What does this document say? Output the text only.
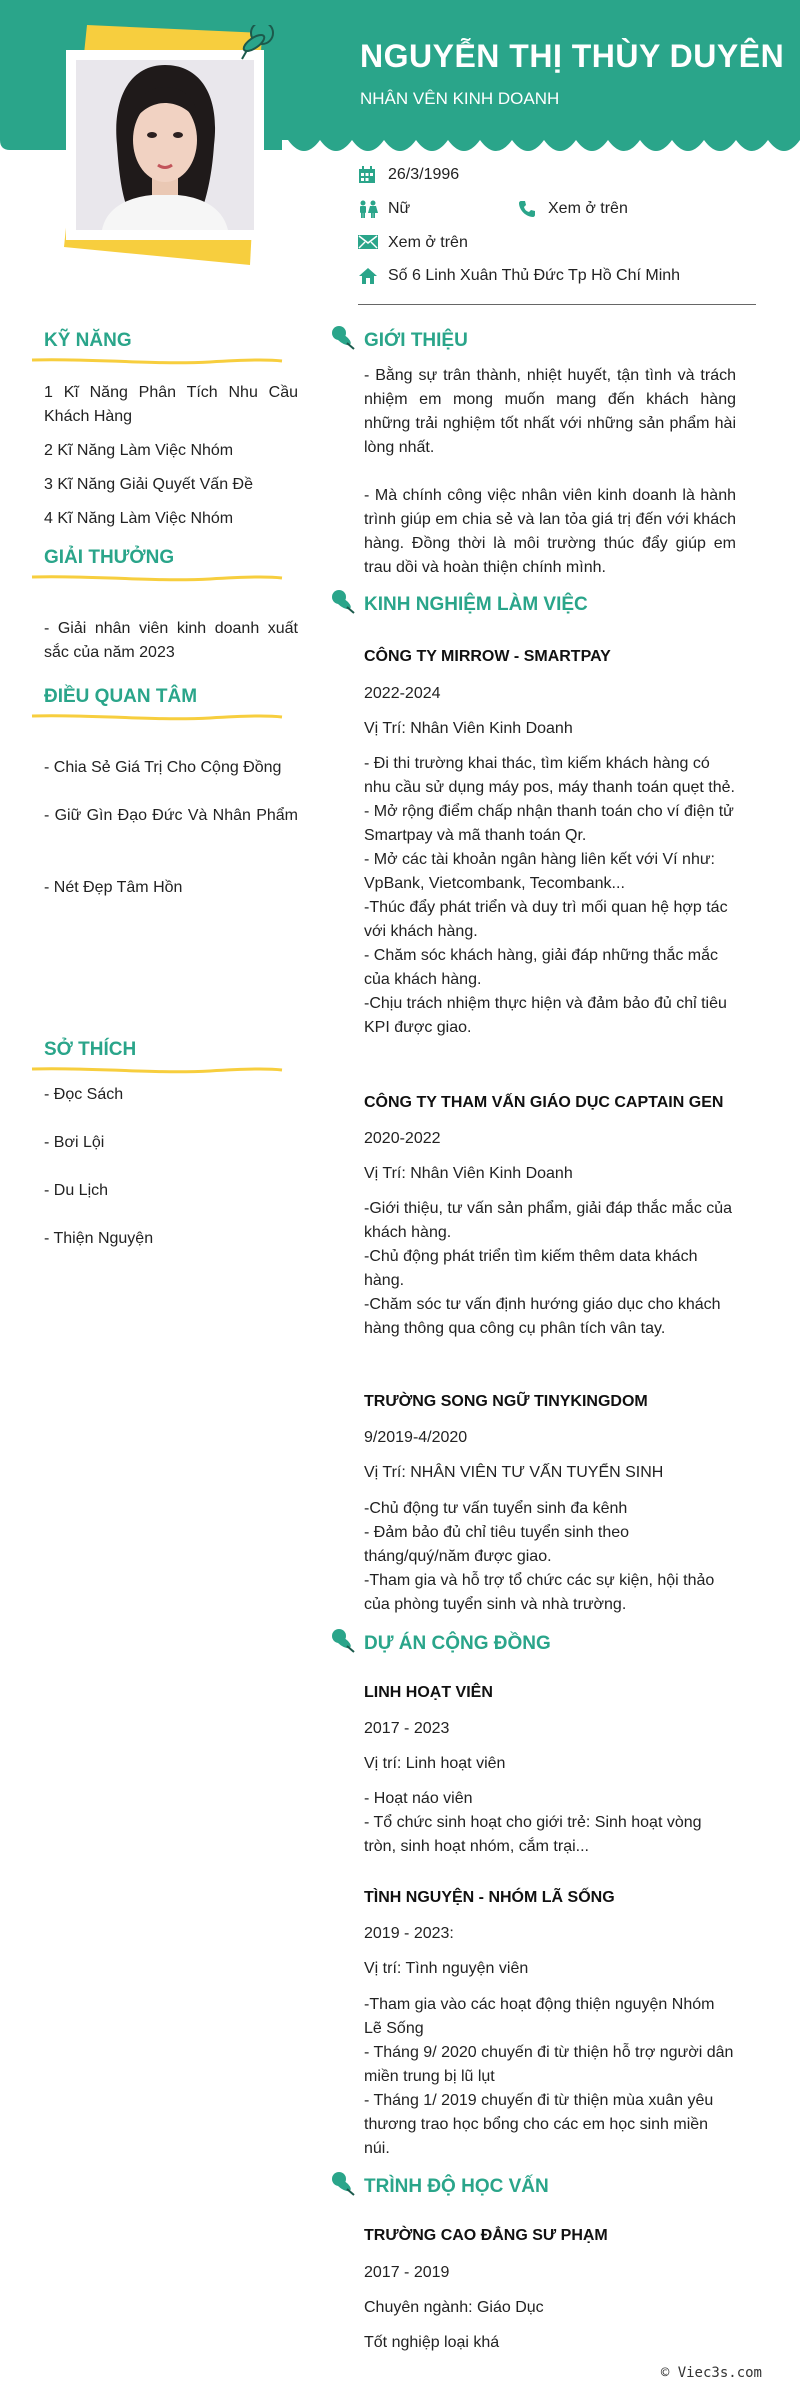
NGUYỄN THỊ THÙY DUYÊN
NHÂN VÊN KINH DOANH
26/3/1996
Nữ	Xem ở trên
Xem ở trên
Số 6 Linh Xuân Thủ Đức Tp Hồ Chí Minh
KỸ NĂNG
1 Kĩ Năng Phân Tích Nhu Cầu Khách Hàng
2 Kĩ Năng Làm Việc Nhóm
3 Kĩ Năng Giải Quyết Vấn Đề
4 Kĩ Năng Làm Việc Nhóm
GIẢI THƯỞNG
- Giải nhân viên kinh doanh xuất sắc của năm 2023
ĐIỀU QUAN TÂM
- Chia Sẻ Giá Trị Cho Cộng Đồng
- Giữ Gìn Đạo Đức Và Nhân Phẩm
- Nét Đẹp Tâm Hồn
SỞ THÍCH
- Đọc Sách
- Bơi Lội
- Du Lịch
- Thiện Nguyện
GIỚI THIỆU
- Bằng sự trân thành, nhiệt huyết, tận tình và trách nhiệm em mong muốn mang đến khách hàng những trải nghiệm tốt nhất với những sản phẩm hài lòng nhất.
- Mà chính công việc nhân viên kinh doanh là hành trình giúp em chia sẻ và lan tỏa giá trị đến với khách hàng. Đồng thời là môi trường thúc đẩy giúp em trau dồi và hoàn thiện chính mình.
KINH NGHIỆM LÀM VIỆC
CÔNG TY MIRROW - SMARTPAY
2022-2024
Vị Trí: Nhân Viên Kinh Doanh
- Đi thi trường khai thác, tìm kiếm khách hàng có nhu cầu sử dụng máy pos, máy thanh toán quẹt thẻ.
- Mở rộng điểm chấp nhận thanh toán cho ví điện tử Smartpay và mã thanh toán Qr.
- Mở các tài khoản ngân hàng liên kết với Ví như: VpBank, Vietcombank, Tecombank...
-Thúc đẩy phát triển và duy trì mối quan hệ hợp tác với khách hàng.
- Chăm sóc khách hàng, giải đáp những thắc mắc của khách hàng.
-Chịu trách nhiệm thực hiện và đảm bảo đủ chỉ tiêu KPI được giao.
CÔNG TY THAM VẤN GIÁO DỤC CAPTAIN GEN
2020-2022
Vị Trí: Nhân Viên Kinh Doanh
-Giới thiệu, tư vấn sản phẩm, giải đáp thắc mắc của khách hàng.
-Chủ động phát triển tìm kiếm thêm data khách hàng.
-Chăm sóc tư vấn định hướng giáo dục cho khách hàng thông qua công cụ phân tích vân tay.
TRƯỜNG SONG NGỮ TINYKINGDOM
9/2019-4/2020
Vị Trí: NHÂN VIÊN TƯ VẤN TUYỂN SINH
-Chủ động tư vấn tuyển sinh đa kênh
- Đảm bảo đủ chỉ tiêu tuyển sinh theo tháng/quý/năm được giao.
-Tham gia và hỗ trợ tổ chức các sự kiện, hội thảo của phòng tuyển sinh và nhà trường.
DỰ ÁN CỘNG ĐỒNG
LINH HOẠT VIÊN
2017 - 2023
Vị trí: Linh hoạt viên
- Hoạt náo viên
- Tổ chức sinh hoạt cho giới trẻ: Sinh hoạt vòng tròn, sinh hoạt nhóm, cắm trại...
TÌNH NGUYỆN - NHÓM LÃ SỐNG
2019 - 2023:
Vị trí: Tình nguyện viên
-Tham gia vào các hoạt động thiện nguyện Nhóm Lẽ Sống
- Tháng 9/ 2020 chuyến đi từ thiện hỗ trợ người dân miền trung bị lũ lụt
- Tháng 1/ 2019 chuyến đi từ thiện mùa xuân yêu thương trao học bổng cho các em học sinh miền núi.
TRÌNH ĐỘ HỌC VẤN
TRƯỜNG CAO ĐẲNG SƯ PHẠM
2017 - 2019
Chuyên ngành: Giáo Dục
Tốt nghiệp loại khá
© Viec3s.com
